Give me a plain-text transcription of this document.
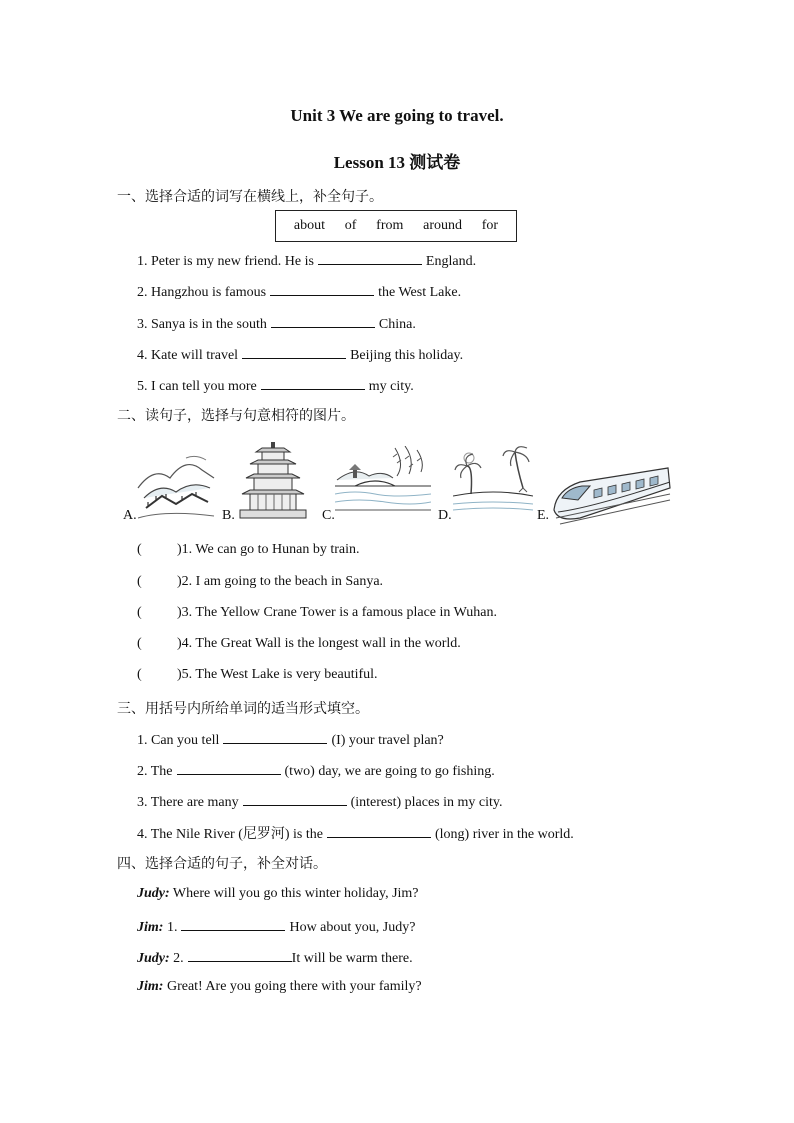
Unit 3 We are going to travel.
Lesson 13 测试卷
一、选择合适的词写在横线上，补全句子。
about of from around for
1. Peter is my new friend. He is	England.
2. Hangzhou is famous	the West Lake.
3. Sanya is in the south	China.
4. Kate will travel	Beijing this holiday.
5. I can tell you more	my city.
二、读句子，选择与句意相符的图片。
A.	B.	C.	D.	E.
(	)1. We can go to Hunan by train.
(	)2. I am going to the beach in Sanya.
(	)3. The Yellow Crane Tower is a famous place in Wuhan.
(	)4. The Great Wall is the longest wall in the world.
(	)5. The West Lake is very beautiful.
三、用括号内所给单词的适当形式填空。
1. Can you tell	(I) your travel plan?
2. The	(two) day, we are going to go fishing.
3. There are many	(interest) places in my city.
4. The Nile River (尼罗河) is the	(long) river in the world.
四、选择合适的句子，补全对话。
Judy: Where will you go this winter holiday, Jim?
Jim: 1.	How about you, Judy?
Judy: 2.	It will be warm there.
Jim: Great! Are you going there with your family?
